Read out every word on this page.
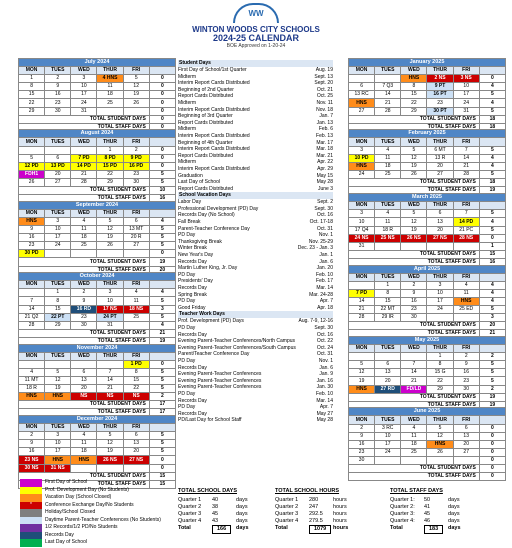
WW
WINTON WOODS CITY SCHOOLS
2024-25 CALENDAR
BOE Approved on 1-20-24
July 2024					
MON	TUES	WED	THUR	FRI	
1	2	3	4 HNS	5	0
8	9	10	11	12	0
15	16	17	18	19	0
22	23	24	25	26	0
29	30	31			0
TOTAL STUDENT DAYS					0
TOTAL STAFF DAYS					0
August 2024					
MON	TUES	WED	THUR	FRI	
			1	2	0
5	6	7 PD	8 PD	9 PD	0
12 PD	13 PD	14 PD	15 PD	16 PD	0
FDH1	20	21	22	23	5
26	27	28	29	30	5
TOTAL STUDENT DAYS					10
TOTAL STAFF DAYS					16
September 2024					
MON	TUES	WED	THUR	FRI	
HNS	3	4	5	6	4
9	10	11	12	13 MT	5
16	17	18	19	20 R	5
23	24	25	26	27	5
30 PD					0
TOTAL STUDENT DAYS					19
TOTAL STAFF DAYS					20
October 2024					
MON	TUES	WED	THUR	FRI	
	1	2	3	4	4
7	8	9	10	11	5
14	15	16 RD	17 NS	18 NS	3
21 Q2	22 PT	23	24 PT	25	5
28	29	30	31		4
TOTAL STUDENT DAYS					21
TOTAL STAFF DAYS					19
November 2024					
MON	TUES	WED	THUR	FRI	
				1 PD	0
4	5	6	7	8	5
11 MT	12	13	14	15	5
18 R	19	20	21	22	5
HNS	HNS	NS	NS	NS	2
TOTAL STUDENT DAYS					17
TOTAL STAFF DAYS					17
December 2024					
MON	TUES	WED	THUR	FRI	
2	3	4	5	6	5
9	10	11	12	13	5
16	17	18	19	20	5
23 NS	HNS	HNS	26 NS	27 NS	0
30 NS	31 NS				0
TOTAL STUDENT DAYS					15
TOTAL STAFF DAYS					15
January 2025					
MON	TUES	WED	THUR	FRI	
		HNS	2 NS	3 NS	0
6	7 Q3	8	9 PT	10	4
13 RC	14	15	16 PT	17	5
HNS	21	22	23	24	4
27	28	29	30 PT	31	5
TOTAL STUDENT DAYS					18
TOTAL STAFF DAYS					18
February 2025					
MON	TUES	WED	THUR	FRI	
3	4	5	6 MT	7	5
10 PD	11	12	13 R	14	4
HNS	18	19	20	21	4
24	25	26	27	28	5
TOTAL STUDENT DAYS					18
TOTAL STAFF DAYS					19
March 2025					
MON	TUES	WED	THUR	FRI	
3	4	5	6	7	5
10	11	12	13	14 PD	4
17 Q4	18 R	19	20	21 PC	5
24 NS	25 NS	26 NS	27 NS	28 NS	0
31					1
TOTAL STUDENT DAYS					15
TOTAL STAFF DAYS					16
April 2025					
MON	TUES	WED	THUR	FRI	
	1	2	3	4	4
7 PD	8	9	10	11	4
14	15	16	17	HNS	4
21	22 MT	23	24	25 ED	5
28	29 IR	30			3
TOTAL STUDENT DAYS					20
TOTAL STAFF DAYS					21
May 2025					
MON	TUES	WED	THUR	FRI	
			1	2	2
5	6	7	8	9	5
12	13	14	15 G	16	5
19	20	21	22	23	5
HNS	27 RD	FD/LD	29	30	2
TOTAL STUDENT DAYS					19
TOTAL STAFF DAYS					19
June 2025					
MON	TUES	WED	THUR	FRI	
2	3 RC	4	5	6	0
9	10	11	12	13	0
16	17	18	HNS	20	0
23	24	25	26	27	0
30					0
TOTAL STUDENT DAYS					0
TOTAL STAFF DAYS					0
Student Days
First Day of School/1st Quarter	Aug. 19
Midterm	Sept. 13
Interim Report Cards Distributed	Sept. 20
Beginning of 2nd Quarter	Oct. 21
Report Cards Distributed	Oct. 25
Midterm	Nov. 11
Interim Report Cards Distributed	Nov. 18
Beginning of 3rd Quarter	Jan. 7
Report Cards Distributed	Jan. 13
Midterm	Feb. 6
Interim Report Cards Distributed	Feb. 13
Beginning of 4th Quarter	Mar. 17
Interim Report Cards Distributed	Mar. 18
Report Cards Distributed	Mar. 21
Midterm	Apr. 22
Interim Report Cards Distributed	Apr. 29
Graduation	May 15
Last Day of School	May 28
Report Cards Distributed	June 3
School Vacation Days
Labor Day	Sept. 2
Professional Development (PD) Day	Sept. 30
Records Day (No School)	Oct. 16
Fall Break	Oct. 17-18
Parent-Teacher Conference Day	Oct. 31
PD Day	Nov. 1
Thanksgiving Break	Nov. 25-29
Winter Break	Dec. 23 - Jan. 3
New Year's Day	Jan. 1
Records Day	Jan. 6
Martin Luther King, Jr. Day	Jan. 20
PD Day	Feb. 10
Presidents' Day	Feb. 17
Records Day	Mar. 14
Spring Break	Mar. 24-28
PD Day	Apr. 7
Good Friday	Apr. 18
Teacher Work Days
Prof. Development (PD) Days	Aug. 7-9, 12-16
PD Day	Sept. 30
Records Day	Oct. 16
Evening Parent-Teacher Conferences/North Campus	Oct. 22
Evening Parent-Teacher Conferences/South Campus	Oct. 24
Parent/Teacher Conference Day	Oct. 31
PD Day	Nov. 1
Records Day	Jan. 6
Evening Parent-Teacher Conferences	Jan. 9
Evening Parent-Teacher Conferences	Jan. 16
Evening Parent-Teacher Conferences	Jan. 30
PD Day	Feb. 10
Records Day	Mar. 14
PD Day	Apr. 7
Records Day	May 27
PD/Last Day for School Staff	May 28
First Day of School
Prof. Development Day (No Students)
Vacation Day (School Closed)
*	Conference Exchange Day/No Students
Holiday/School Closed
Daytime Parent-Teacher Conferences (No Students)
1/2 Records/1/2 PD/No Students
Records Day
Last Day of School
TOTAL SCHOOL DAYS
Quarter 1 40	days
Quarter 2 38	days
Quarter 3 45	days
Quarter 4 43	days
Total	166	days
TOTAL SCHOOL HOURS
Quarter 1 280	hours
Quarter 2 247	hours
Quarter 3 292.5 hours
Quarter 4 279.5 hours
Total	1079	hours
TOTAL STAFF DAYS
Quarter 1: 50	days
Quarter 2: 41	days
Quarter 3: 45	days
Quarter 4: 46	days
Total	183	days
